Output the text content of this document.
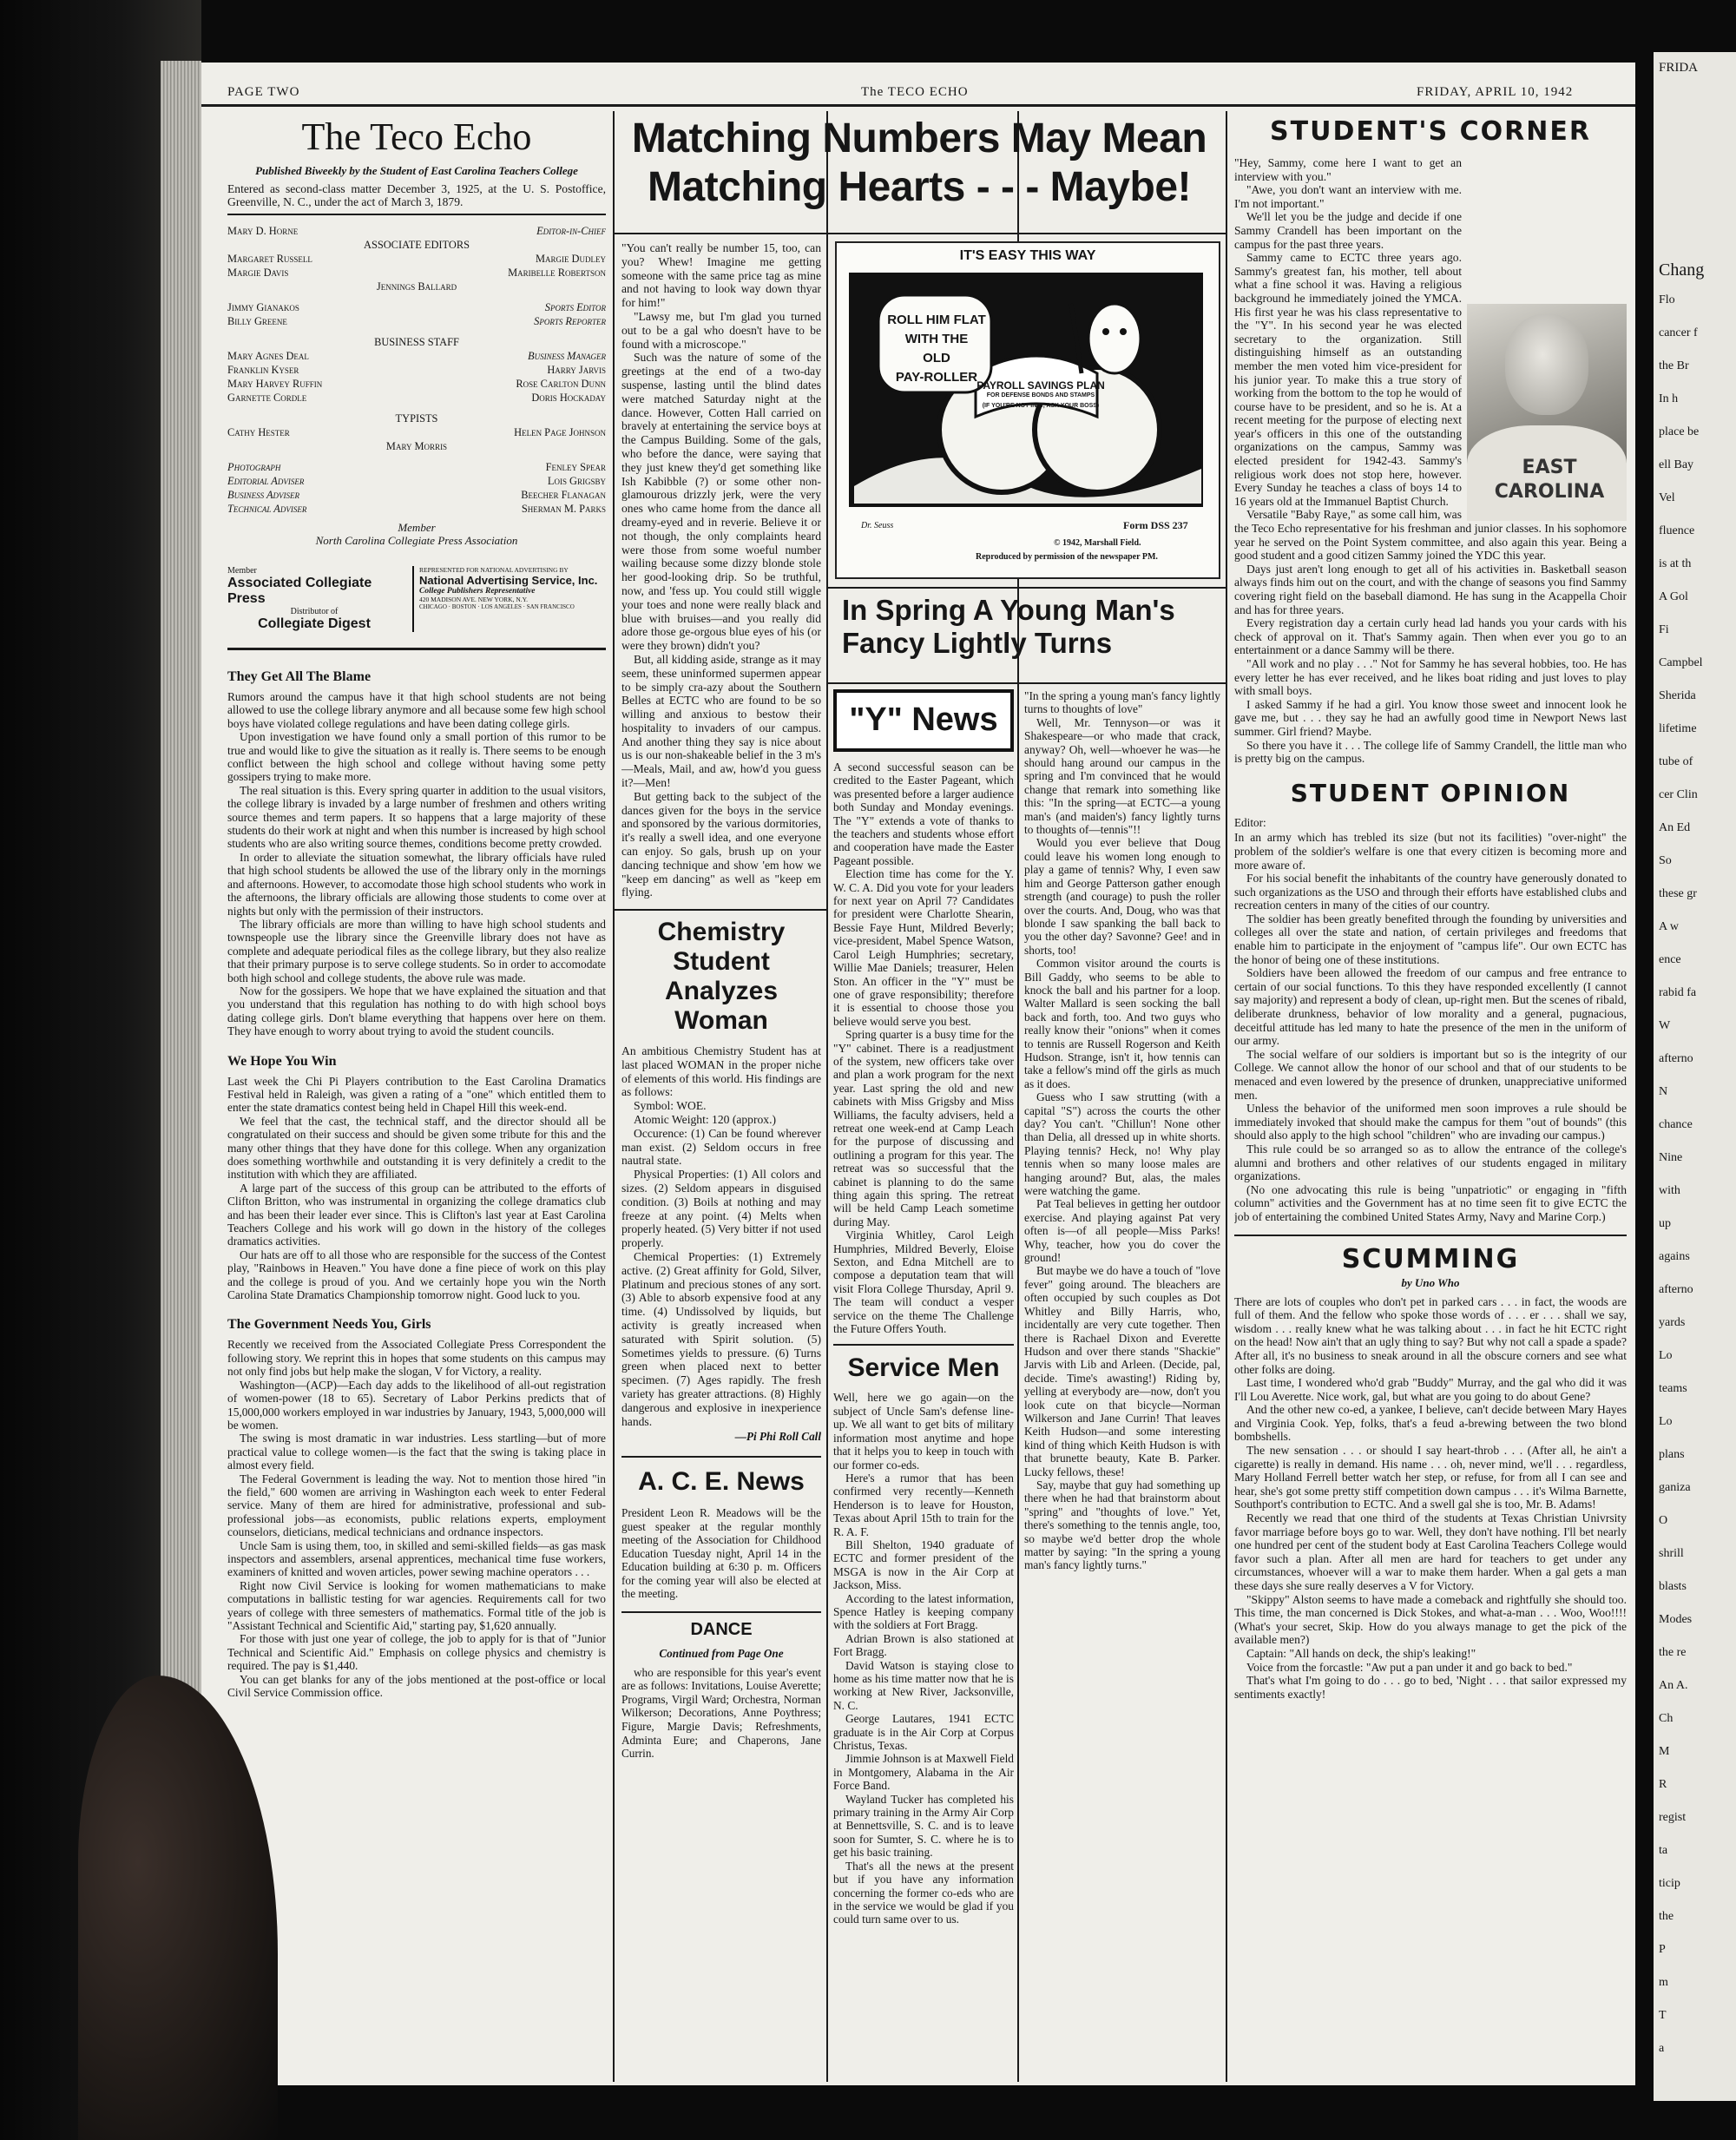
FRIDA
Chang
Flo
cancer f
the Br
In h
place be
ell Bay
Vel
fluence
is at th
A Gol
Fi
Campbel
Sherida
lifetime
tube of
cer Clin
An Ed
So
these gr
A w
ence
rabid fa
W
afterno
N
chance
Nine
with
up
agains
afterno
yards
Lo
teams
Lo
plans
ganiza
O
shrill
blasts
Modes
the re
An A.
Ch
M
R
regist
ta
ticip
the
P
m
T
a
PAGE TWO	The TECO ECHO	FRIDAY, APRIL 10, 1942
The Teco Echo
Published Biweekly by the Student of East Carolina Teachers College

Entered as second-class matter December 3, 1925, at the U. S. Postoffice, Greenville, N. C., under the act of March 3, 1879.

Mary D. Horne	Editor-in-Chief
ASSOCIATE EDITORS
Margaret Russell	Margie Dudley
Margie Davis	Maribelle Robertson
Jennings Ballard
Jimmy Gianakos	Sports Editor
Billy Greene	Sports Reporter
BUSINESS STAFF
Mary Agnes Deal	Business Manager
Franklin Kyser	Harry Jarvis
Mary Harvey Ruffin	Rose Carlton Dunn
Garnette Cordle	Doris Hockaday
TYPISTS
Cathy Hester	Helen Page Johnson
Mary Morris
Photograph	Fenley Spear
Editorial Adviser	Lois Grigsby
Business Adviser	Beecher Flanagan
Technical Adviser	Sherman M. Parks
Member
North Carolina Collegiate Press Association
Member
Associated Collegiate Press
Distributor of
Collegiate Digest
REPRESENTED FOR NATIONAL ADVERTISING BY
National Advertising Service, Inc.
College Publishers Representative
420 MADISON AVE. NEW YORK, N.Y.
CHICAGO · BOSTON · LOS ANGELES · SAN FRANCISCO
They Get All The Blame

Rumors around the campus have it that high school students are not being allowed to use the college library anymore and all because some few high school boys have violated college regulations and have been dating college girls.

Upon investigation we have found only a small portion of this rumor to be true and would like to give the situation as it really is. There seems to be enough conflict between the high school and college without having some petty gossipers trying to make more.

The real situation is this. Every spring quarter in addition to the usual visitors, the college library is invaded by a large number of freshmen and others writing source themes and term papers. It so happens that a large majority of these students do their work at night and when this number is increased by high school students who are also writing source themes, conditions become pretty crowded.

In order to alleviate the situation somewhat, the library officials have ruled that high school students be allowed the use of the library only in the mornings and afternoons. However, to accomodate those high school students who work in the afternoons, the library officials are allowing those students to come over at nights but only with the permission of their instructors.

The library officials are more than willing to have high school students and townspeople use the library since the Greenville library does not have as complete and adequate periodical files as the college library, but they also realize that their primary purpose is to serve college students. So in order to accomodate both high school and college students, the above rule was made.

Now for the gossipers. We hope that we have explained the situation and that you understand that this regulation has nothing to do with high school boys dating college girls. Don't blame everything that happens over here on them. They have enough to worry about trying to avoid the student councils.

We Hope You Win

Last week the Chi Pi Players contribution to the East Carolina Dramatics Festival held in Raleigh, was given a rating of a "one" which entitled them to enter the state dramatics contest being held in Chapel Hill this week-end.

We feel that the cast, the technical staff, and the director should all be congratulated on their success and should be given some tribute for this and the many other things that they have done for this college. When any organization does something worthwhile and outstanding it is very definitely a credit to the institution with which they are affiliated.

A large part of the success of this group can be attributed to the efforts of Clifton Britton, who was instrumental in organizing the college dramatics club and has been their leader ever since. This is Clifton's last year at East Carolina Teachers College and his work will go down in the history of the colleges dramatics activities.

Our hats are off to all those who are responsible for the success of the Contest play, "Rainbows in Heaven." You have done a fine piece of work on this play and the college is proud of you. And we certainly hope you win the North Carolina State Dramatics Championship tomorrow night. Good luck to you.

The Government Needs You, Girls

Recently we received from the Associated Collegiate Press Correspondent the following story. We reprint this in hopes that some students on this campus may not only find jobs but help make the slogan, V for Victory, a reality.

Washington—(ACP)—Each day adds to the likelihood of all-out registration of women-power (18 to 65). Secretary of Labor Perkins predicts that of 15,000,000 workers employed in war industries by January, 1943, 5,000,000 will be women.

The swing is most dramatic in war industries. Less startling—but of more practical value to college women—is the fact that the swing is taking place in almost every field.

The Federal Government is leading the way. Not to mention those hired "in the field," 600 women are arriving in Washington each week to enter Federal service. Many of them are hired for administrative, professional and sub-professional jobs—as economists, public relations experts, employment counselors, dieticians, medical technicians and ordnance inspectors.

Uncle Sam is using them, too, in skilled and semi-skilled fields—as gas mask inspectors and assemblers, arsenal apprentices, mechanical time fuse workers, examiners of knitted and woven articles, power sewing machine operators . . .

Right now Civil Service is looking for women mathematicians to make computations in ballistic testing for war agencies. Requirements call for two years of college with three semesters of mathematics. Formal title of the job is "Assistant Technical and Scientific Aid," starting pay, $1,620 annually.

For those with just one year of college, the job to apply for is that of "Junior Technical and Scientific Aid." Emphasis on college physics and chemistry is required. The pay is $1,440.

You can get blanks for any of the jobs mentioned at the post-office or local Civil Service Commission office.

Matching Numbers May Mean
Matching Hearts - - - Maybe!

"You can't really be number 15, too, can you? Whew! Imagine me getting someone with the same price tag as mine and not having to look way down thyar for him!"

"Lawsy me, but I'm glad you turned out to be a gal who doesn't have to be found with a microscope."

Such was the nature of some of the greetings at the end of a two-day suspense, lasting until the blind dates were matched Saturday night at the dance. However, Cotten Hall carried on bravely at entertaining the service boys at the Campus Building. Some of the gals, who before the dance, were saying that they just knew they'd get something like Ish Kabibble (?) or some other non-glamourous drizzly jerk, were the very ones who came home from the dance all dreamy-eyed and in reverie. Believe it or not though, the only complaints heard were those from some woeful number wailing because some dizzy blonde stole her good-looking drip. So be truthful, now, and 'fess up. You could still wiggle your toes and none were really black and blue with bruises—and you really did adore those ge-orgous blue eyes of his (or were they brown) didn't you?

But, all kidding aside, strange as it may seem, these uninformed supermen appear to be simply cra-azy about the Southern Belles at ECTC who are found to be so willing and anxious to bestow their hospitality to invaders of our campus. And another thing they say is nice about us is our non-shakeable belief in the 3 m's—Meals, Mail, and aw, how'd you guess it?—Men!

But getting back to the subject of the dances given for the boys in the service and sponsored by the various dormitories, it's really a swell idea, and one everyone can enjoy. So gals, brush up on your dancing technique and show 'em how we "keep em dancing" as well as "keep em flying.

IT'S EASY THIS WAY
ROLL HIM FLAT
WITH THE
OLD
PAY-ROLLER
PAYROLL SAVINGS PLAN
FOR DEFENSE BONDS AND STAMPS
(IF YOU'RE NOT IN IT, ASK YOUR BOSS)
Dr. Seuss	Form DSS 237
© 1942, Marshall Field.
Reproduced by permission of the newspaper PM.
In Spring A Young Man's Fancy Lightly Turns
"Y" News

A second successful season can be credited to the Easter Pageant, which was presented before a larger audience both Sunday and Monday evenings. The "Y" extends a vote of thanks to the teachers and students whose effort and cooperation have made the Easter Pageant possible.

Election time has come for the Y. W. C. A. Did you vote for your leaders for next year on April 7? Candidates for president were Charlotte Shearin, Bessie Faye Hunt, Mildred Beverly; vice-president, Mabel Spence Watson, Carol Leigh Humphries; secretary, Willie Mae Daniels; treasurer, Helen Ston. An officer in the "Y" must be one of grave responsibility; therefore it is essential to choose those you believe would serve you best.

Spring quarter is a busy time for the "Y" cabinet. There is a readjustment of the system, new officers take over and plan a work program for the next year. Last spring the old and new cabinets with Miss Grigsby and Miss Williams, the faculty advisers, held a retreat one week-end at Camp Leach for the purpose of discussing and outlining a program for this year. The retreat was so successful that the cabinet is planning to do the same thing again this spring. The retreat will be held Camp Leach sometime during May.

Virginia Whitley, Carol Leigh Humphries, Mildred Beverly, Eloise Sexton, and Edna Mitchell are to compose a deputation team that will visit Flora College Thursday, April 9. The team will conduct a vesper service on the theme The Challenge the Future Offers Youth.

Service Men

Well, here we go again—on the subject of Uncle Sam's defense line-up. We all want to get bits of military information most anytime and hope that it helps you to keep in touch with our former co-eds.

Here's a rumor that has been confirmed very recently—Kenneth Henderson is to leave for Houston, Texas about April 15th to train for the R. A. F.

Bill Shelton, 1940 graduate of ECTC and former president of the MSGA is now in the Air Corp at Jackson, Miss.

According to the latest information, Spence Hatley is keeping company with the soldiers at Fort Bragg.

Adrian Brown is also stationed at Fort Bragg.

David Watson is staying close to home as his time matter now that he is working at New River, Jacksonville, N. C.

George Lautares, 1941 ECTC graduate is in the Air Corp at Corpus Christus, Texas.

Jimmie Johnson is at Maxwell Field in Montgomery, Alabama in the Air Force Band.

Wayland Tucker has completed his primary training in the Army Air Corp at Bennettsville, S. C. and is to leave soon for Sumter, S. C. where he is to get his basic training.

That's all the news at the present but if you have any information concerning the former co-eds who are in the service we would be glad if you could turn same over to us.

"In the spring a young man's fancy lightly turns to thoughts of love"

Well, Mr. Tennyson—or was it Shakespeare—or who made that crack, anyway? Oh, well—whoever he was—he should hang around our campus in the spring and I'm convinced that he would change that remark into something like this: "In the spring—at ECTC—a young man's (and maiden's) fancy lightly turns to thoughts of—tennis"!!

Would you ever believe that Doug could leave his women long enough to play a game of tennis? Why, I even saw him and George Patterson gather enough strength (and courage) to push the roller over the courts. And, Doug, who was that blonde I saw spanking the ball back to you the other day? Savonne? Gee! and in shorts, too!

Common visitor around the courts is Bill Gaddy, who seems to be able to knock the ball and his partner for a loop. Walter Mallard is seen socking the ball back and forth, too. And two guys who really know their "onions" when it comes to tennis are Russell Rogerson and Keith Hudson. Strange, isn't it, how tennis can take a fellow's mind off the girls as much as it does.

Guess who I saw strutting (with a capital "S") across the courts the other day? You can't. "Chillun'! None other than Delia, all dressed up in white shorts. Playing tennis? Heck, no! Why play tennis when so many loose males are hanging around? But, alas, the males were watching the game.

Pat Teal believes in getting her outdoor exercise. And playing against Pat very often is—of all people—Miss Parks! Why, teacher, how you do cover the ground!

But maybe we do have a touch of "love fever" going around. The bleachers are often occupied by such couples as Dot Whitley and Billy Harris, who, incidentally are very cute together. Then there is Rachael Dixon and Everette Hudson and over there stands "Shackie" Jarvis with Lib and Arleen. (Decide, pal, decide. Time's awasting!) Riding by, yelling at everybody are—now, don't you look cute on that bicycle—Norman Wilkerson and Jane Currin! That leaves Keith Hudson—and some interesting kind of thing which Keith Hudson is with that brunette beauty, Kate B. Parker. Lucky fellows, these!

Say, maybe that guy had something up there when he had that brainstorm about "spring" and "thoughts of love." Yet, there's something to the tennis angle, too, so maybe we'd better drop the whole matter by saying: "In the spring a young man's fancy lightly turns."

Chemistry Student Analyzes Woman

An ambitious Chemistry Student has at last placed WOMAN in the proper niche of elements of this world. His findings are as follows:

Symbol: WOE.

Atomic Weight: 120 (approx.)

Occurence: (1) Can be found wherever man exist. (2) Seldom occurs in free nautral state.

Physical Properties: (1) All colors and sizes. (2) Seldom appears in disguised condition. (3) Boils at nothing and may freeze at any point. (4) Melts when properly heated. (5) Very bitter if not used properly.

Chemical Properties: (1) Extremely active. (2) Great affinity for Gold, Silver, Platinum and precious stones of any sort. (3) Able to absorb expensive food at any time. (4) Undissolved by liquids, but activity is greatly increased when saturated with Spirit solution. (5) Sometimes yields to pressure. (6) Turns green when placed next to better specimen. (7) Ages rapidly. The fresh variety has greater attractions. (8) Highly dangerous and explosive in inexperience hands.

—Pi Phi Roll Call

A. C. E. News

President Leon R. Meadows will be the guest speaker at the regular monthly meeting of the Association for Childhood Education Tuesday night, April 14 in the Education building at 6:30 p. m. Officers for the coming year will also be elected at the meeting.

DANCE

Continued from Page One

who are responsible for this year's event are as follows: Invitations, Louise Averette; Programs, Virgil Ward; Orchestra, Norman Wilkerson; Decorations, Anne Poythress; Figure, Margie Davis; Refreshments, Adminta Eure; and Chaperons, Jane Currin.

STUDENT'S CORNER
EAST CAROLINA

"Hey, Sammy, come here I want to get an interview with you."

"Awe, you don't want an interview with me. I'm not important."

We'll let you be the judge and decide if one Sammy Crandell has been important on the campus for the past three years.

Sammy came to ECTC three years ago. Sammy's greatest fan, his mother, tell about what a fine school it was. Having a religious background he immediately joined the YMCA. His first year he was his class representative to the "Y". In his second year he was elected secretary to the organization. Still distinguishing himself as an outstanding member the men voted him vice-president for his junior year. To make this a true story of working from the bottom to the top he would of course have to be president, and so he is. At a recent meeting for the purpose of electing next year's officers in this one of the outstanding organizations on the campus, Sammy was elected president for 1942-43. Sammy's religious work does not stop here, however. Every Sunday he teaches a class of boys 14 to 16 years old at the Immanuel Baptist Church.

Versatile "Baby Raye," as some call him, was the Teco Echo representative for his freshman and junior classes. In his sophomore year he served on the Point System committee, and also again this year. Being a good student and a good citizen Sammy joined the YDC this year.

Days just aren't long enough to get all of his activities in. Basketball season always finds him out on the court, and with the change of seasons you find Sammy covering right field on the baseball diamond. He has sung in the Acappella Choir and has for three years.

Every registration day a certain curly head lad hands you your cards with his check of approval on it. That's Sammy again. Then when ever you go to an entertainment or a dance Sammy will be there.

"All work and no play . . ." Not for Sammy he has several hobbies, too. He has every letter he has ever received, and he likes boat riding and just loves to play with small boys.

I asked Sammy if he had a girl. You know those sweet and innocent look he gave me, but . . . they say he had an awfully good time in Newport News last summer. Girl friend? Maybe.

So there you have it . . . The college life of Sammy Crandell, the little man who is pretty big on the campus.

STUDENT OPINION

Editor:

In an army which has trebled its size (but not its facilities) "over-night" the problem of the soldier's welfare is one that every citizen is becoming more and more aware of.

For his social benefit the inhabitants of the country have generously donated to such organizations as the USO and through their efforts have established clubs and recreation centers in many of the cities of our country.

The soldier has been greatly benefited through the founding by universities and colleges all over the state and nation, of certain privileges and freedoms that enable him to participate in the enjoyment of "campus life". Our own ECTC has the honor of being one of these institutions.

Soldiers have been allowed the freedom of our campus and free entrance to certain of our social functions. To this they have responded excellently (I cannot say majority) and represent a body of clean, up-right men. But the scenes of ribald, deliberate drunkness, behavior of low morality and a general, pugnacious, deceitful attitude has led many to hate the presence of the men in the uniform of our army.

The social welfare of our soldiers is important but so is the integrity of our College. We cannot allow the honor of our school and that of our students to be menaced and even lowered by the presence of drunken, unappreciative uniformed men.

Unless the behavior of the uniformed men soon improves a rule should be immediately invoked that should make the campus for them "out of bounds" (this should also apply to the high school "children" who are invading our campus.)

This rule could be so arranged so as to allow the entrance of the college's alumni and brothers and other relatives of our students engaged in military organizations.

(No one advocating this rule is being "unpatriotic" or engaging in "fifth column" activities and the Government has at no time seen fit to give ECTC the job of entertaining the combined United States Army, Navy and Marine Corp.)

SCUMMING
by Uno Who

There are lots of couples who don't pet in parked cars . . . in fact, the woods are full of them. And the fellow who spoke those words of . . . er . . . shall we say, wisdom . . . really knew what he was talking about . . . in fact he hit ECTC right on the head! Now ain't that an ugly thing to say? But why not call a spade a spade? After all, it's no business to sneak around in all the obscure corners and see what other folks are doing.

Last time, I wondered who'd grab "Buddy" Murray, and the gal who did it was I'll Lou Averette. Nice work, gal, but what are you going to do about Gene?

And the other new co-ed, a yankee, I believe, can't decide between Mary Hayes and Virginia Cook. Yep, folks, that's a feud a-brewing between the two blond bombshells.

The new sensation . . . or should I say heart-throb . . . (After all, he ain't a cigarette) is really in demand. His name . . . oh, never mind, we'll . . . regardless, Mary Holland Ferrell better watch her step, or refuse, for from all I can see and hear, she's got some pretty stiff competition down campus . . . it's Wilma Barnette, Southport's contribution to ECTC. And a swell gal she is too, Mr. B. Adams!

Recently we read that one third of the students at Texas Christian Univrsity favor marriage before boys go to war. Well, they don't have nothing. I'll bet nearly one hundred per cent of the student body at East Carolina Teachers College would favor such a plan. After all men are hard for teachers to get under any circumstances, whoever will a war to make them harder. When a gal gets a man these days she sure really deserves a V for Victory.

"Skippy" Alston seems to have made a comeback and rightfully she should too. This time, the man concerned is Dick Stokes, and what-a-man . . . Woo, Woo!!!! (What's your secret, Skip. How do you always manage to get the pick of the available men?)

Captain: "All hands on deck, the ship's leaking!"

Voice from the forcastle: "Aw put a pan under it and go back to bed."

That's what I'm going to do . . . go to bed, 'Night . . . that sailor expressed my sentiments exactly!
